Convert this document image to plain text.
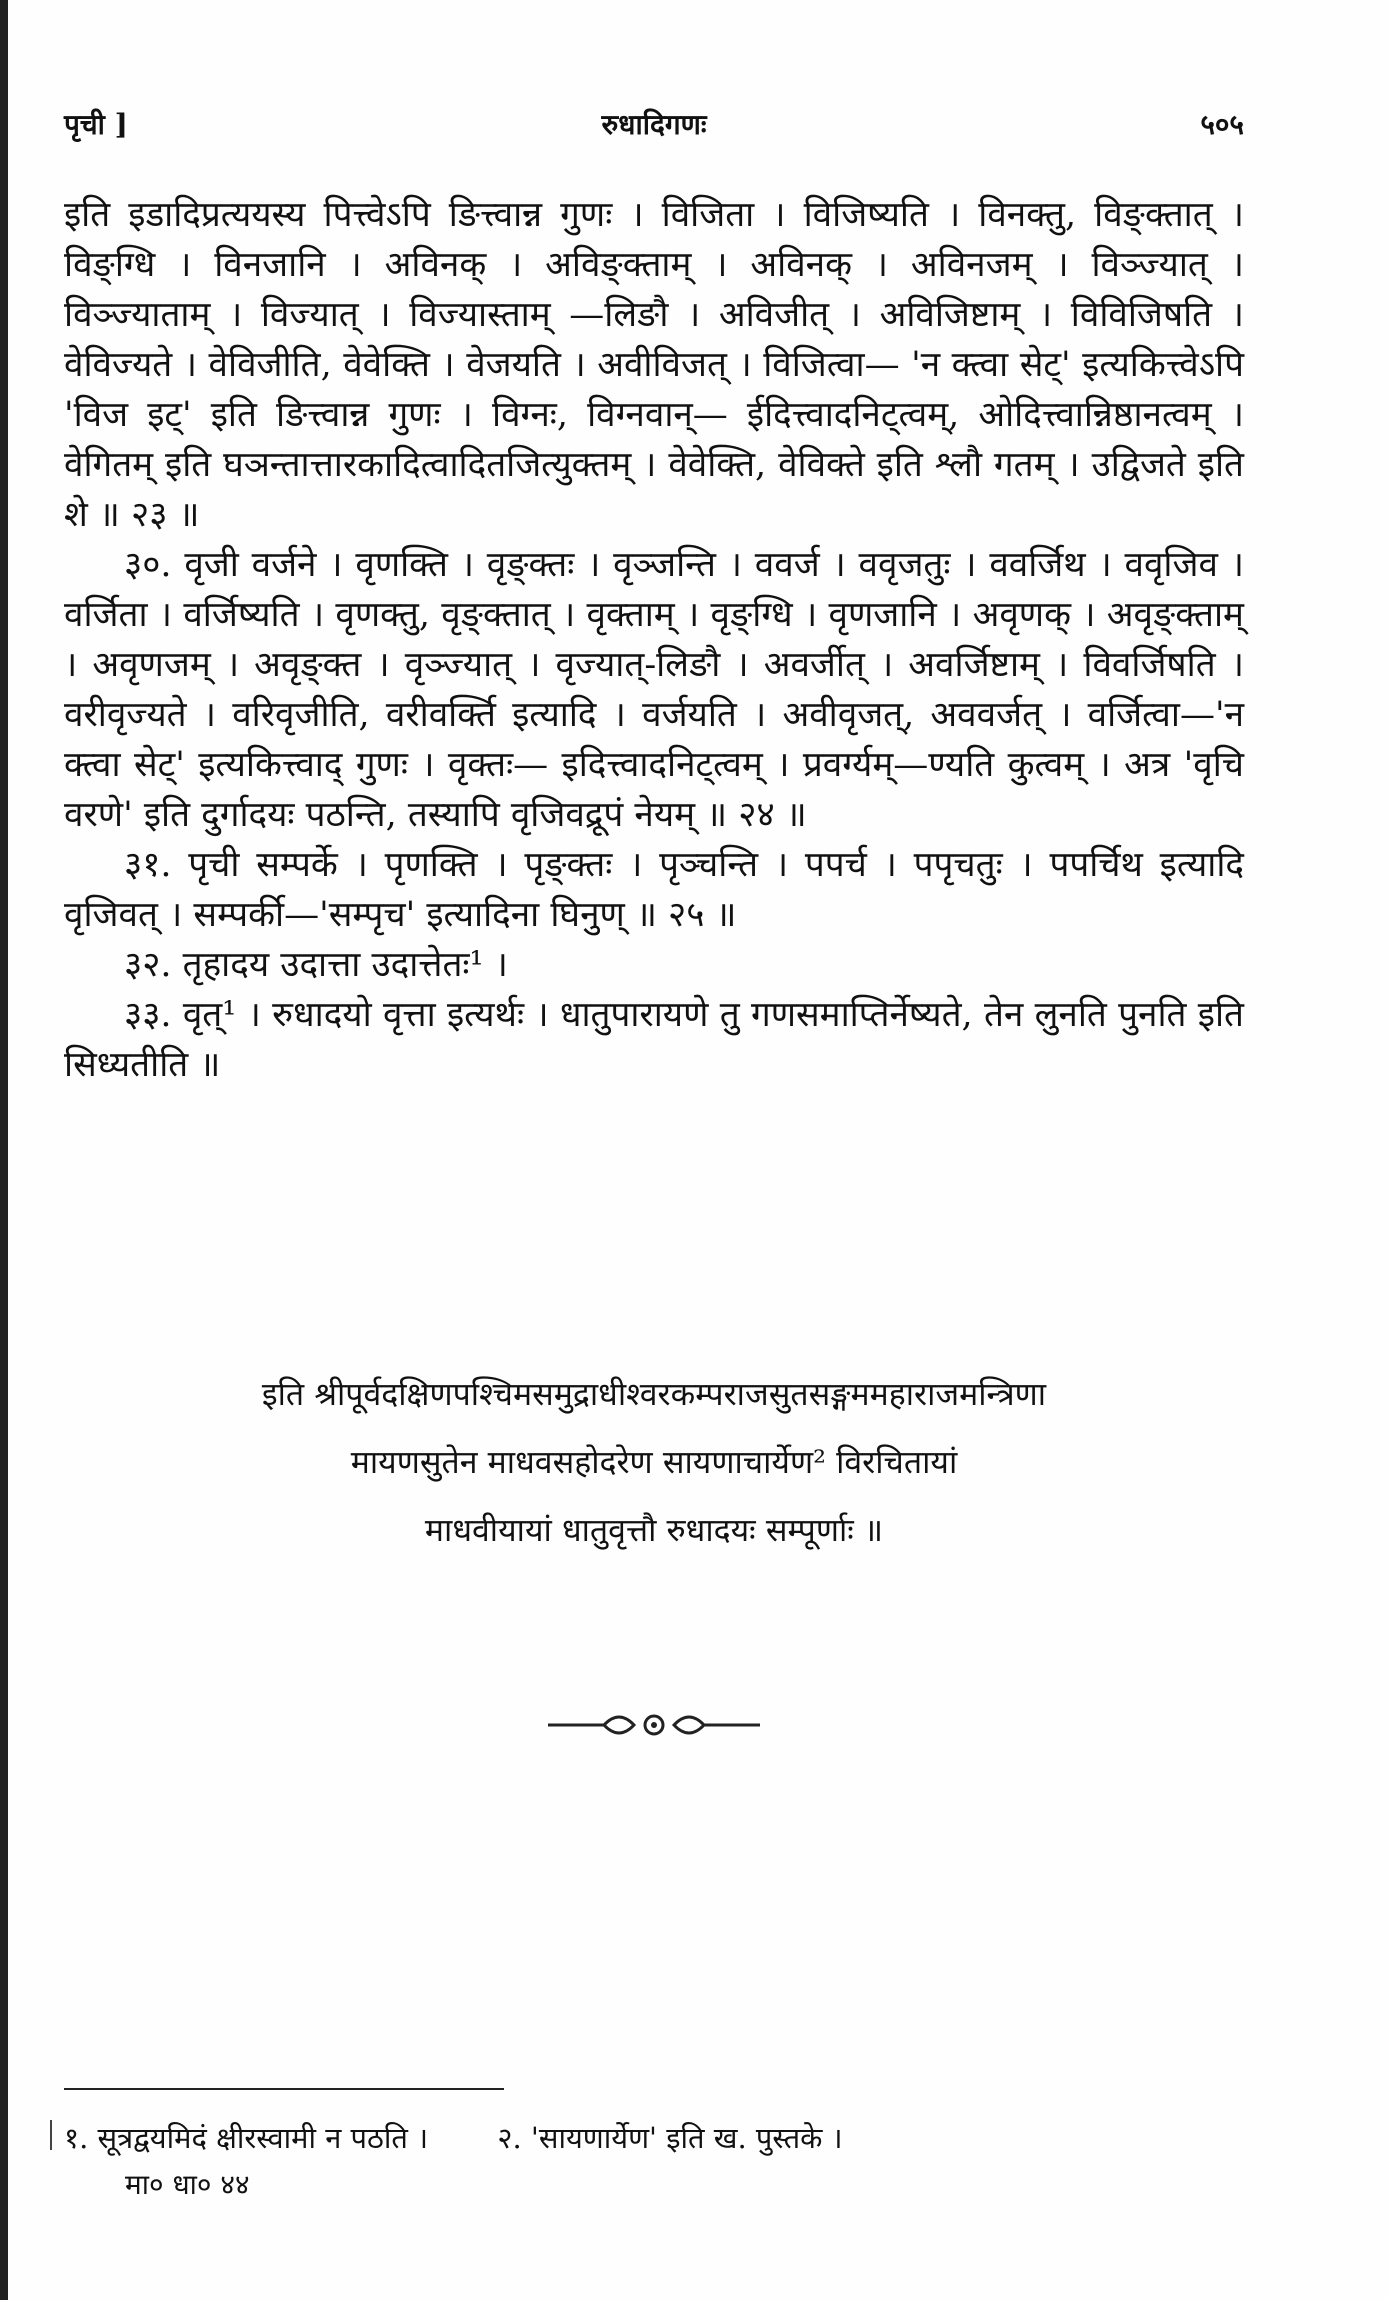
पृची ]	रुधादिगणः	५०५

इति इडादिप्रत्ययस्य पित्त्वेऽपि ङित्त्वान्न गुणः । विजिता । विजिष्यति । विनक्तु, विङ्क्तात् । विङ्ग्धि । विनजानि । अविनक् । अविङ्क्ताम् । अविनक् । अविनजम् । विञ्ज्यात् । विञ्ज्याताम् । विज्यात् । विज्यास्ताम् —लिङौ । अविजीत् । अविजिष्टाम् । विविजिषति । वेविज्यते । वेविजीति, वेवेक्ति । वेजयति । अवीविजत् । विजित्वा— 'न क्त्वा सेट्' इत्यकित्त्वेऽपि 'विज इट्' इति ङित्त्वान्न गुणः । विग्नः, विग्नवान्— ईदित्त्वादनिट्त्वम्, ओदित्त्वान्निष्ठानत्वम् । वेगितम् इति घञन्तात्तारकादित्वादितजित्युक्तम् । वेवेक्ति, वेविक्ते इति श्लौ गतम् । उद्विजते इति शे ॥ २३ ॥

३०. वृजी वर्जने । वृणक्ति । वृङ्क्तः । वृञ्जन्ति । ववर्ज । ववृजतुः । ववर्जिथ । ववृजिव । वर्जिता । वर्जिष्यति । वृणक्तु, वृङ्क्तात् । वृक्ताम् । वृङ्ग्धि । वृणजानि । अवृणक् । अवृङ्क्ताम् । अवृणजम् । अवृङ्क्त । वृञ्ज्यात् । वृज्यात्-लिङौ । अवर्जीत् । अवर्जिष्टाम् । विवर्जिषति । वरीवृज्यते । वरिवृजीति, वरीवर्क्ति इत्यादि । वर्जयति । अवीवृजत्, अववर्जत् । वर्जित्वा—'न क्त्वा सेट्' इत्यकित्त्वाद् गुणः । वृक्तः— इदित्त्वादनिट्त्वम् । प्रवर्ग्यम्—ण्यति कुत्वम् । अत्र 'वृचि वरणे' इति दुर्गादयः पठन्ति, तस्यापि वृजिवद्रूपं नेयम् ॥ २४ ॥

३१. पृची सम्पर्के । पृणक्ति । पृङ्क्तः । पृञ्चन्ति । पपर्च । पपृचतुः । पपर्चिथ इत्यादि वृजिवत् । सम्पर्की—'सम्पृच' इत्यादिना घिनुण् ॥ २५ ॥

३२. तृहादय उदात्ता उदात्तेतः¹ ।

३३. वृत्¹ । रुधादयो वृत्ता इत्यर्थः । धातुपारायणे तु गणसमाप्तिर्नेष्यते, तेन लुनति पुनति इति सिध्यतीति ॥

इति श्रीपूर्वदक्षिणपश्चिमसमुद्राधीश्वरकम्पराजसुतसङ्गममहाराजमन्त्रिणा
मायणसुतेन माधवसहोदरेण सायणाचार्येण² विरचितायां
माधवीयायां धातुवृत्तौ रुधादयः सम्पूर्णाः ॥
१. सूत्रद्वयमिदं क्षीरस्वामी न पठति । २. 'सायणार्येण' इति ख. पुस्तके ।
मा० धा० ४४
